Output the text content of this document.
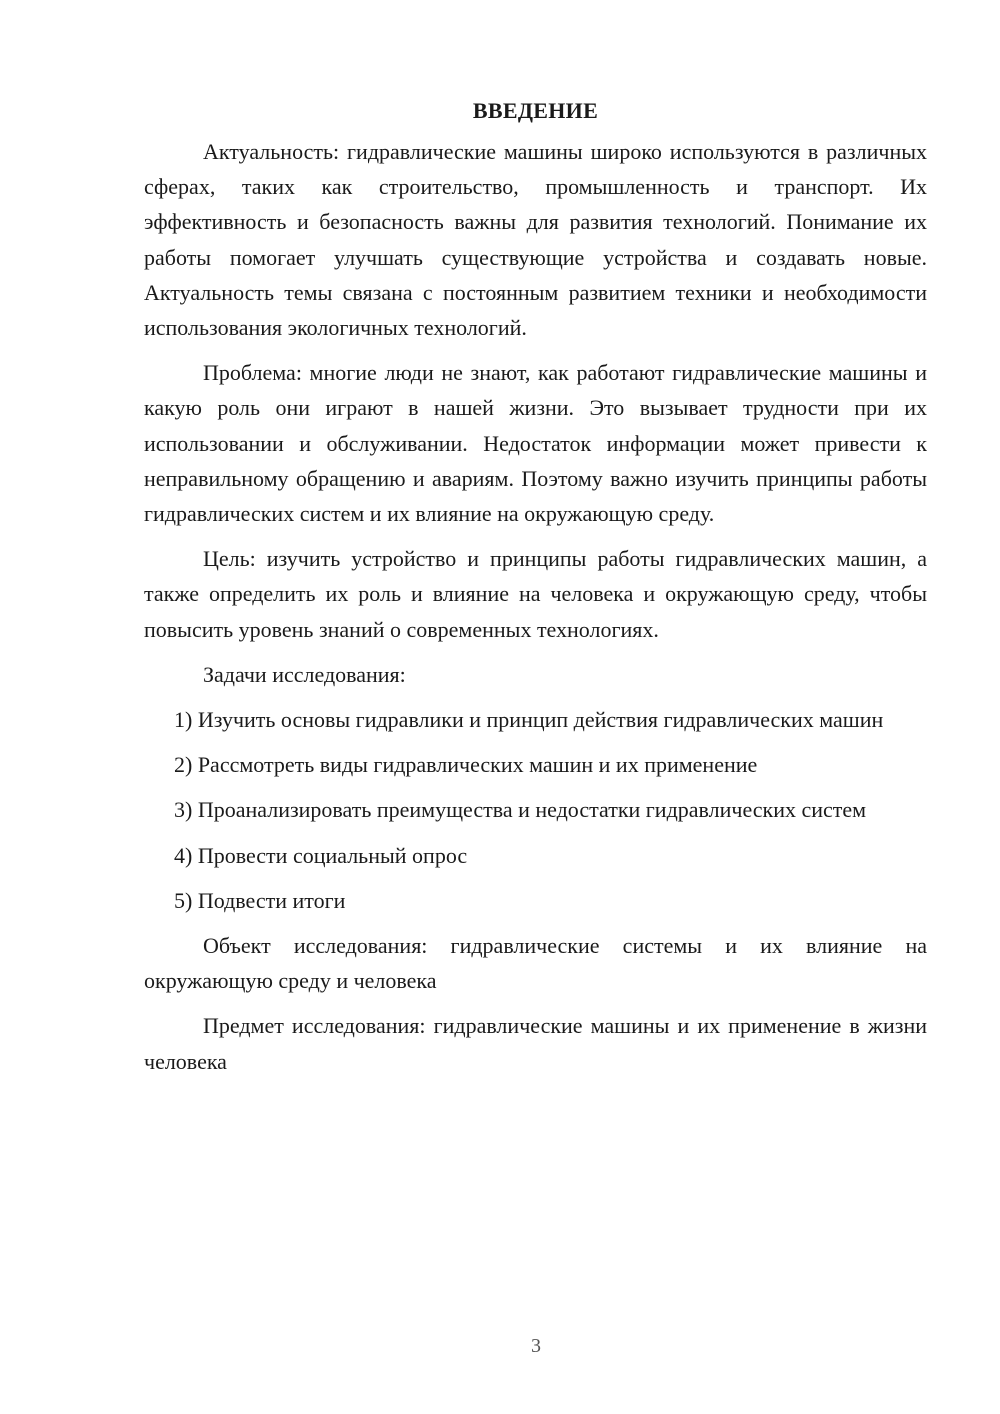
ВВЕДЕНИЕ

Актуальность: гидравлические машины широко используются в различных сферах, таких как строительство, промышленность и транспорт. Их эффективность и безопасность важны для развития технологий. Понимание их работы помогает улучшать существующие устройства и создавать новые. Актуальность темы связана с постоянным развитием техники и необходимости использования экологичных технологий.

Проблема: многие люди не знают, как работают гидравлические машины и какую роль они играют в нашей жизни. Это вызывает трудности при их использовании и обслуживании. Недостаток информации может привести к неправильному обращению и авариям. Поэтому важно изучить принципы работы гидравлических систем и их влияние на окружающую среду.

Цель: изучить устройство и принципы работы гидравлических машин, а также определить их роль и влияние на человека и окружающую среду, чтобы повысить уровень знаний о современных технологиях.

Задачи исследования:

1) Изучить основы гидравлики и принцип действия гидравлических машин

2) Рассмотреть виды гидравлических машин и их применение

3) Проанализировать преимущества и недостатки гидравлических систем

4) Провести социальный опрос

5) Подвести итоги

Объект исследования: гидравлические системы и их влияние на окружающую среду и человека

Предмет исследования: гидравлические машины и их применение в жизни человека

3
